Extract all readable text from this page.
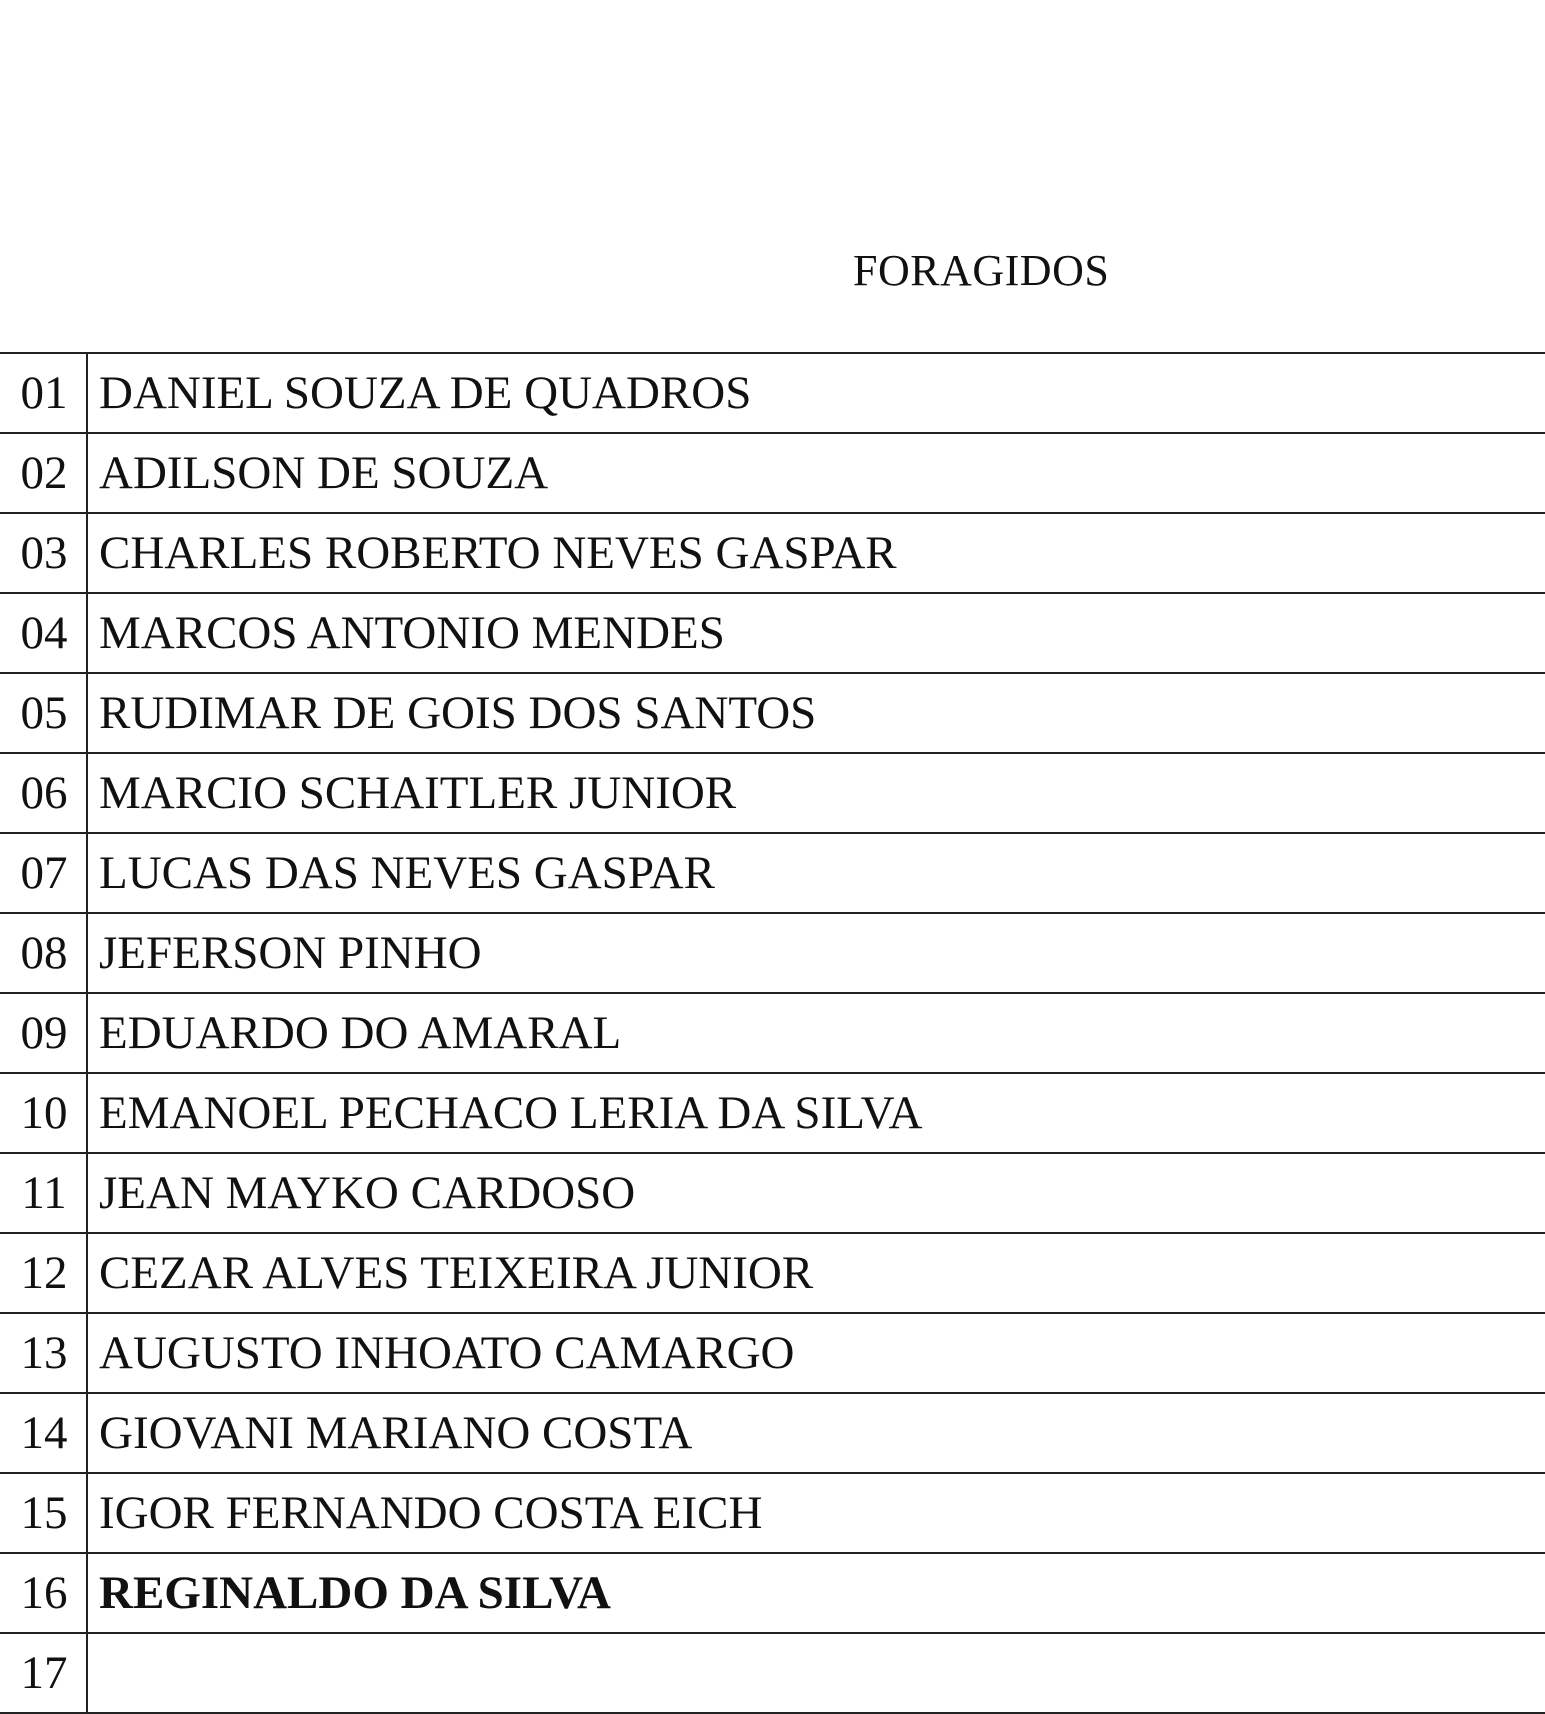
FORAGIDOS
01	DANIEL SOUZA DE QUADROS
02	ADILSON DE SOUZA
03	CHARLES ROBERTO NEVES GASPAR
04	MARCOS ANTONIO MENDES
05	RUDIMAR DE GOIS DOS SANTOS
06	MARCIO SCHAITLER JUNIOR
07	LUCAS DAS NEVES GASPAR
08	JEFERSON PINHO
09	EDUARDO DO AMARAL
10	EMANOEL PECHACO LERIA DA SILVA
11	JEAN MAYKO CARDOSO
12	CEZAR ALVES TEIXEIRA JUNIOR
13	AUGUSTO INHOATO CAMARGO
14	GIOVANI MARIANO COSTA
15	IGOR FERNANDO COSTA EICH
16	REGINALDO DA SILVA
17	
